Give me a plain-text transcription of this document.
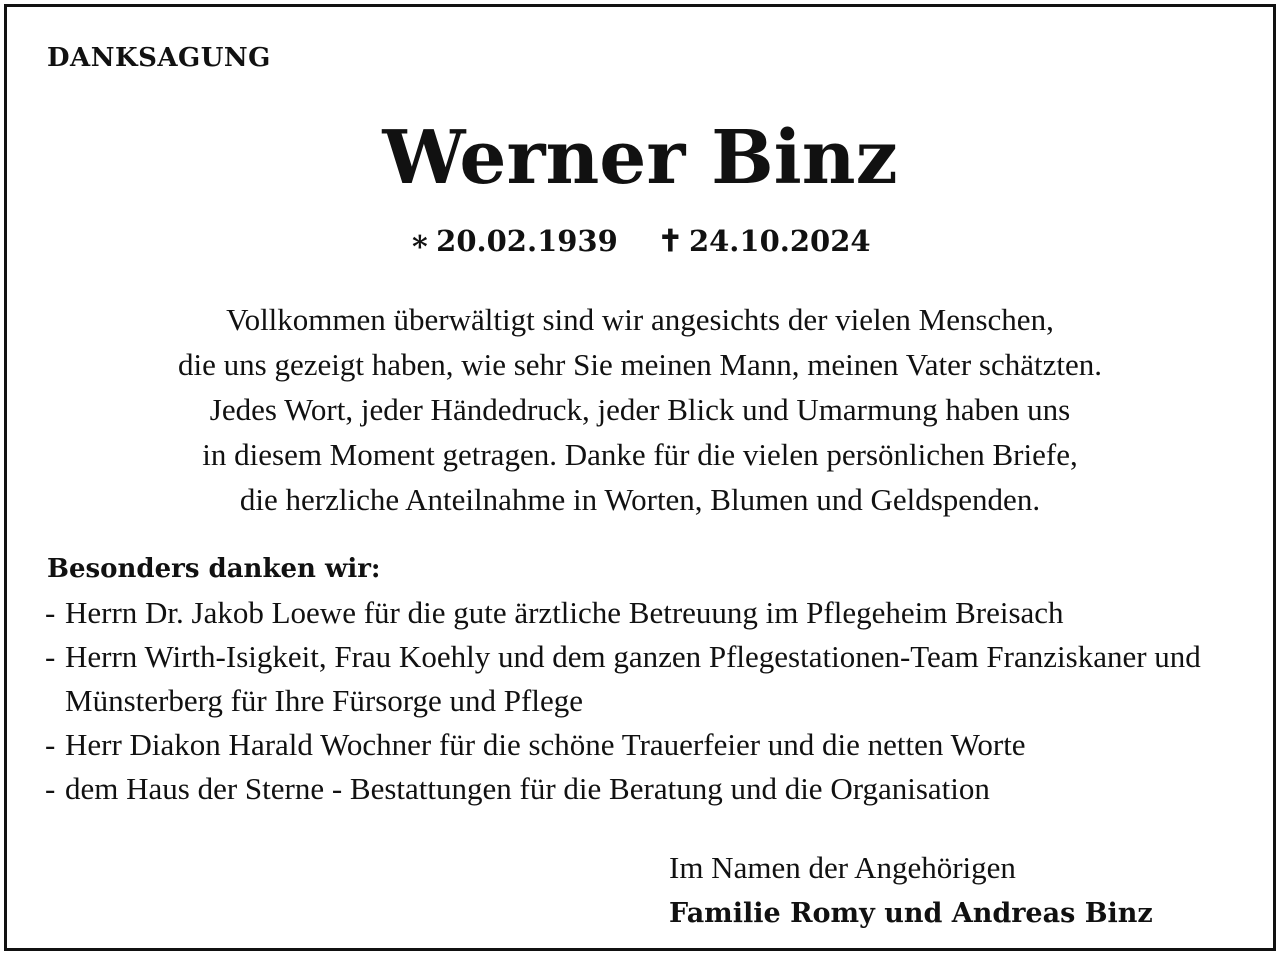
DANKSAGUNG
Werner Binz
∗ 20.02.1939 ✝ 24.10.2024
Vollkommen überwältigt sind wir angesichts der vielen Menschen,
die uns gezeigt haben, wie sehr Sie meinen Mann, meinen Vater schätzten.
Jedes Wort, jeder Händedruck, jeder Blick und Umarmung haben uns
in diesem Moment getragen. Danke für die vielen persönlichen Briefe,
die herzliche Anteilnahme in Worten, Blumen und Geldspenden.
Besonders danken wir:
- Herrn Dr. Jakob Loewe für die gute ärztliche Betreuung im Pflegeheim Breisach
- Herrn Wirth-Isigkeit, Frau Koehly und dem ganzen Pflegestationen-Team Franziskaner und Münsterberg für Ihre Fürsorge und Pflege
- Herr Diakon Harald Wochner für die schöne Trauerfeier und die netten Worte
- dem Haus der Sterne - Bestattungen für die Beratung und die Organisation
Im Namen der Angehörigen
Familie Romy und Andreas Binz
